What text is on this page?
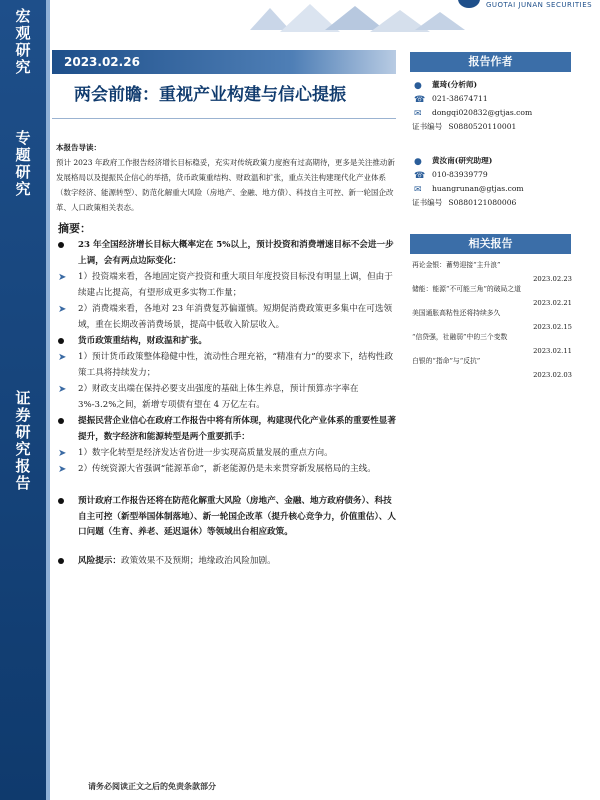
宏
观
研
究
专
题
研
究
证
券
研
究
报
告
GUOTAI JUNAN SECURITIES
2023.02.26
两会前瞻：重视产业构建与信心提振
本报告导读：
预计 2023 年政府工作报告经济增长目标稳妥，充实对传统政策力度抱有过高期待，更多是关注推动新发展格局以及提振民企信心的举措，货币政策重结构、财政温和扩张，重点关注构建现代化产业体系（数字经济、能源转型）、防范化解重大风险（房地产、金融、地方债）、科技自主可控、新一轮国企改革、人口政策相关表态。
摘要：
23 年全国经济增长目标大概率定在 5%以上，预计投资和消费增速目标不会进一步上调，会有两点边际变化：
➤ 1）投资端来看，各地固定资产投资和重大项目年度投资目标没有明显上调，但由于续建占比提高，有望形成更多实物工作量；
➤ 2）消费端来看，各地对 23 年消费复苏偏谨慎。短期促消费政策更多集中在可选领域，重在长期改善消费场景，提高中低收入阶层收入。
货币政策重结构，财政温和扩张。
➤ 1）预计货币政策整体稳健中性，流动性合理充裕，“精准有力”的要求下，结构性政策工具将持续发力；
➤ 2）财政支出端在保持必要支出强度的基础上体生养息，预计预算赤字率在 3%-3.2%之间，新增专项债有望在 4 万亿左右。
提振民营企业信心在政府工作报告中将有所体现，构建现代化产业体系的重要性显著提升，数字经济和能源转型是两个重要抓手：
➤ 1）数字化转型是经济发达省份进一步实现高质量发展的重点方向。
➤ 2）传统资源大省强调“能源革命”，新老能源仍是未来贯穿新发展格局的主线。
预计政府工作报告还将在防范化解重大风险（房地产、金融、地方政府债务）、科技自主可控（新型举国体制落地）、新一轮国企改革（提升核心竞争力，价值重估）、人口问题（生育、养老、延迟退休）等领域出台相应政策。
风险提示：政策效果不及预期；地缘政治风险加剧。
报告作者
● 董琦(分析师)
☎ 021-38674711
✉ dongqi020832@gtjas.com
证书编号 S0880520110001
● 黄汝南(研究助理)
☎ 010-83939779
✉ huangrunan@gtjas.com
证书编号 S0880121080006
相关报告
再论金银：蓄势迎接“主升浪”
2023.02.23
储能：能源“不可能三角”的破局之道
2023.02.21
美国通胀高粘性还将持续多久
2023.02.15
“信贷强，社融弱”中的三个变数
2023.02.11
白银的“指命”与“反抗”
2023.02.03
请务必阅读正文之后的免责条款部分
